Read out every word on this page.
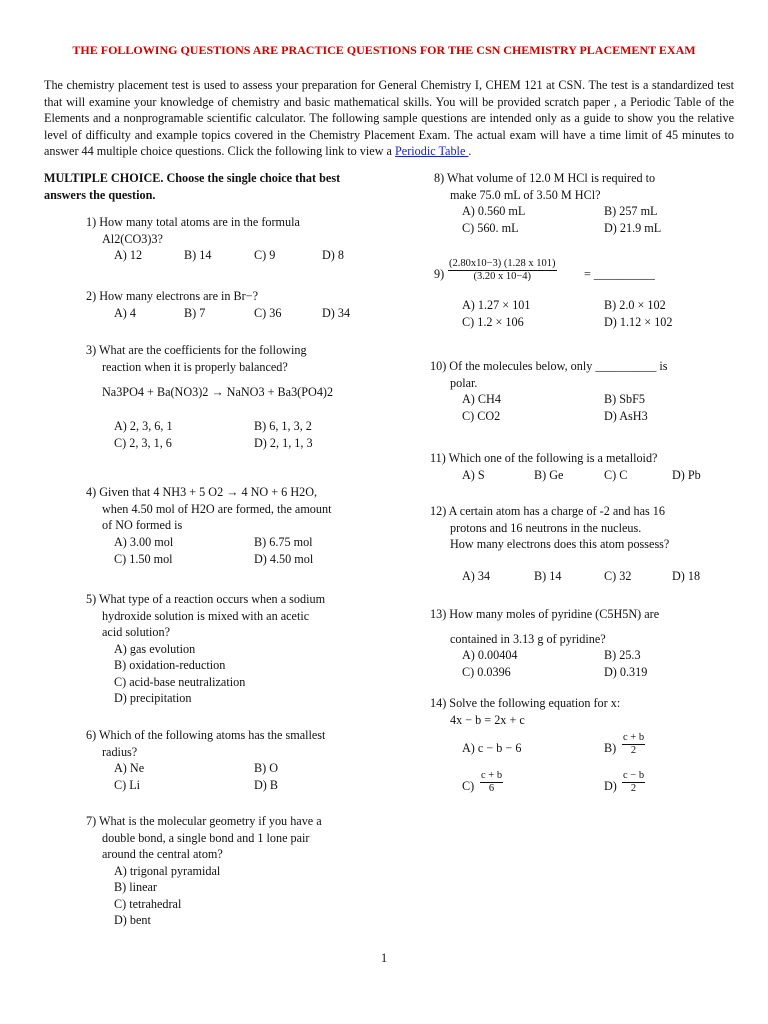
THE FOLLOWING QUESTIONS ARE PRACTICE QUESTIONS FOR THE CSN CHEMISTRY PLACEMENT EXAM
The chemistry placement test is used to assess your preparation for General Chemistry I, CHEM 121 at CSN. The test is a standardized test that will examine your knowledge of chemistry and basic mathematical skills. You will be provided scratch paper , a Periodic Table of the Elements and a nonprogramable scientific calculator. The following sample questions are intended only as a guide to show you the relative level of difficulty and example topics covered in the Chemistry Placement Exam. The actual exam will have a time limit of 45 minutes to answer 44 multiple choice questions. Click the following link to view a Periodic Table .
MULTIPLE CHOICE. Choose the single choice that best
answers the question.
1) How many total atoms are in the formula
Al2(CO3)3?
A) 12	B) 14	C) 9	D) 8
2) How many electrons are in Br−?
A) 4	B) 7	C) 36	D) 34
3) What are the coefficients for the following
reaction when it is properly balanced?
Na3PO4 + Ba(NO3)2 → NaNO3 + Ba3(PO4)2
A) 2, 3, 6, 1	B) 6, 1, 3, 2
C) 2, 3, 1, 6	D) 2, 1, 1, 3
4) Given that 4 NH3 + 5 O2 → 4 NO + 6 H2O,
when 4.50 mol of H2O are formed, the amount
of NO formed is
A) 3.00 mol	B) 6.75 mol
C) 1.50 mol	D) 4.50 mol
5) What type of a reaction occurs when a sodium
hydroxide solution is mixed with an acetic
acid solution?
A) gas evolution
B) oxidation-reduction
C) acid-base neutralization
D) precipitation
6) Which of the following atoms has the smallest
radius?
A) Ne	B) O
C) Li	D) B
7) What is the molecular geometry if you have a
double bond, a single bond and 1 lone pair
around the central atom?
A) trigonal pyramidal
B) linear
C) tetrahedral
D) bent
8) What volume of 12.0 M HCl is required to
make 75.0 mL of 3.50 M HCl?
A) 0.560 mL	B) 257 mL
C) 560. mL	D) 21.9 mL
$9) \frac{(2.80x10-3) (1.28 x 101)}{(3.20 x 10-4)}$ = __________
A) 1.27 × 101	B) 2.0 × 102
C) 1.2 × 106	D) 1.12 × 102
10) Of the molecules below, only __________ is
polar.
A) CH4	B) SbF5
C) CO2	D) AsH3
11) Which one of the following is a metalloid?
A) S	B) Ge	C) C	D) Pb
12) A certain atom has a charge of -2 and has 16
protons and 16 neutrons in the nucleus.
How many electrons does this atom possess?
A) 34	B) 14	C) 32	D) 18
13) How many moles of pyridine (C5H5N) are
contained in 3.13 g of pyridine?
A) 0.00404	B) 25.3
C) 0.0396	D) 0.319
14) Solve the following equation for x:
4x − b = 2x + c
A) c − b − 6	$B) \frac{c + b}{2}$
$C) \frac{c + b}{6}$	$D) \frac{c - b}{2}$
1
